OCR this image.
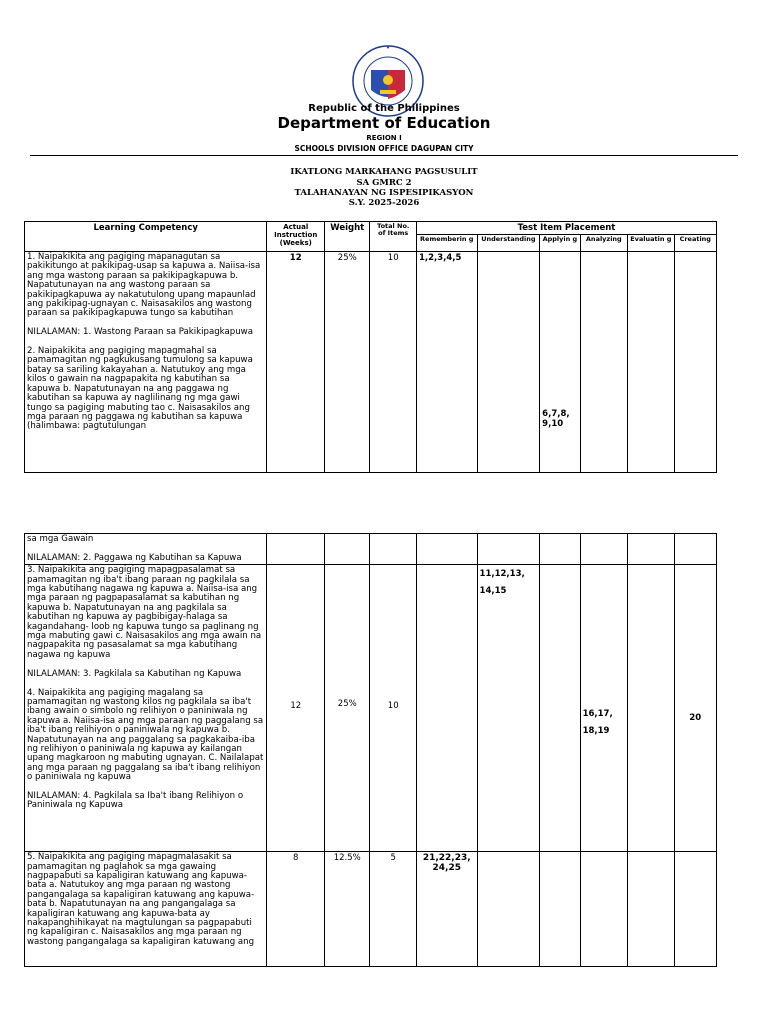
Republic of the Philippines
Department of Education
REGION I
SCHOOLS DIVISION OFFICE DAGUPAN CITY
IKATLONG MARKAHANG PAGSUSULIT
SA GMRC 2
TALAHANAYAN NG ISPESIPIKASYON
S.Y. 2025-2026
Learning Competency	Actual Instruction (Weeks)	Weight	Total No. of Items	Test Item Placement					
				Rememberin g	Understanding	Applyin g	Analyzing	Evaluatin g	Creating
1. Naipakikita ang pagiging mapanagutan sa pakikitungo at pakikipag-usap sa kapuwa a. Naiisa-isa ang mga wastong paraan sa pakikipagkapuwa b. Napatutunayan na ang wastong paraan sa pakikipagkapuwa ay nakatutulong upang mapaunlad ang pakikipag-ugnayan c. Naisasakilos ang wastong paraan sa pakikipagkapuwa tungo sa kabutihan

NILALAMAN: 1. Wastong Paraan sa Pakikipagkapuwa

2. Naipakikita ang pagiging mapagmahal sa pamamagitan ng pagkukusang tumulong sa kapuwa batay sa sariling kakayahan a. Natutukoy ang mga kilos o gawain na nagpapakita ng kabutihan sa kapuwa b. Napatutunayan na ang paggawa ng kabutihan sa kapuwa ay naglilinang ng mga gawi tungo sa pagiging mabuting tao c. Naisasakilos ang mga paraan ng paggawa ng kabutihan sa kapuwa (halimbawa: pagtutulungan	12	25%	10	1,2,3,4,5		6,7,8, 9,10			
sa mga Gawain

NILALAMAN: 2. Paggawa ng Kabutihan sa Kapuwa									
3. Naipakikita ang pagiging mapagpasalamat sa pamamagitan ng iba't ibang paraan ng pagkilala sa mga kabutihang nagawa ng kapuwa a. Naiisa-isa ang mga paraan ng pagpapasalamat sa kabutihan ng kapuwa b. Napatutunayan na ang pagkilala sa kabutihan ng kapuwa ay pagbibigay-halaga sa kagandahang- loob ng kapuwa tungo sa paglinang ng mga mabuting gawi c. Naisasakilos ang mga awain na nagpapakita ng pasasalamat sa mga kabutihang nagawa ng kapuwa

NILALAMAN: 3. Pagkilala sa Kabutihan ng Kapuwa

4. Naipakikita ang pagiging magalang sa pamamagitan ng wastong kilos ng pagkilala sa iba't ibang awain o simbolo ng relihiyon o paniniwala ng kapuwa a. Naiisa-isa ang mga paraan ng paggalang sa iba't ibang relihiyon o paniniwala ng kapuwa b. Napatutunayan na ang paggalang sa pagkakaiba-iba ng relihiyon o paniniwala ng kapuwa ay kailangan upang magkaroon ng mabuting ugnayan. C. Nailalapat ang mga paraan ng paggalang sa iba't ibang relihiyon o paniniwala ng kapuwa

NILALAMAN: 4. Pagkilala sa Iba't ibang Relihiyon o Paniniwala ng Kapuwa	12	25%	10		11,12,13, 14,15		16,17, 18,19		20
5. Naipakikita ang pagiging mapagmalasakit sa pamamagitan ng paglahok sa mga gawaing nagpapabuti sa kapaligiran katuwang ang kapuwa-bata a. Natutukoy ang mga paraan ng wastong pangangalaga sa kapaligiran katuwang ang kapuwa-bata b. Napatutunayan na ang pangangalaga sa kapaligiran katuwang ang kapuwa-bata ay nakapanghihikayat na magtulungan sa pagpapabuti ng kapaligiran c. Naisasakilos ang mga paraan ng wastong pangangalaga sa kapaligiran katuwang ang	8	12.5%	5	21,22,23, 24,25					
